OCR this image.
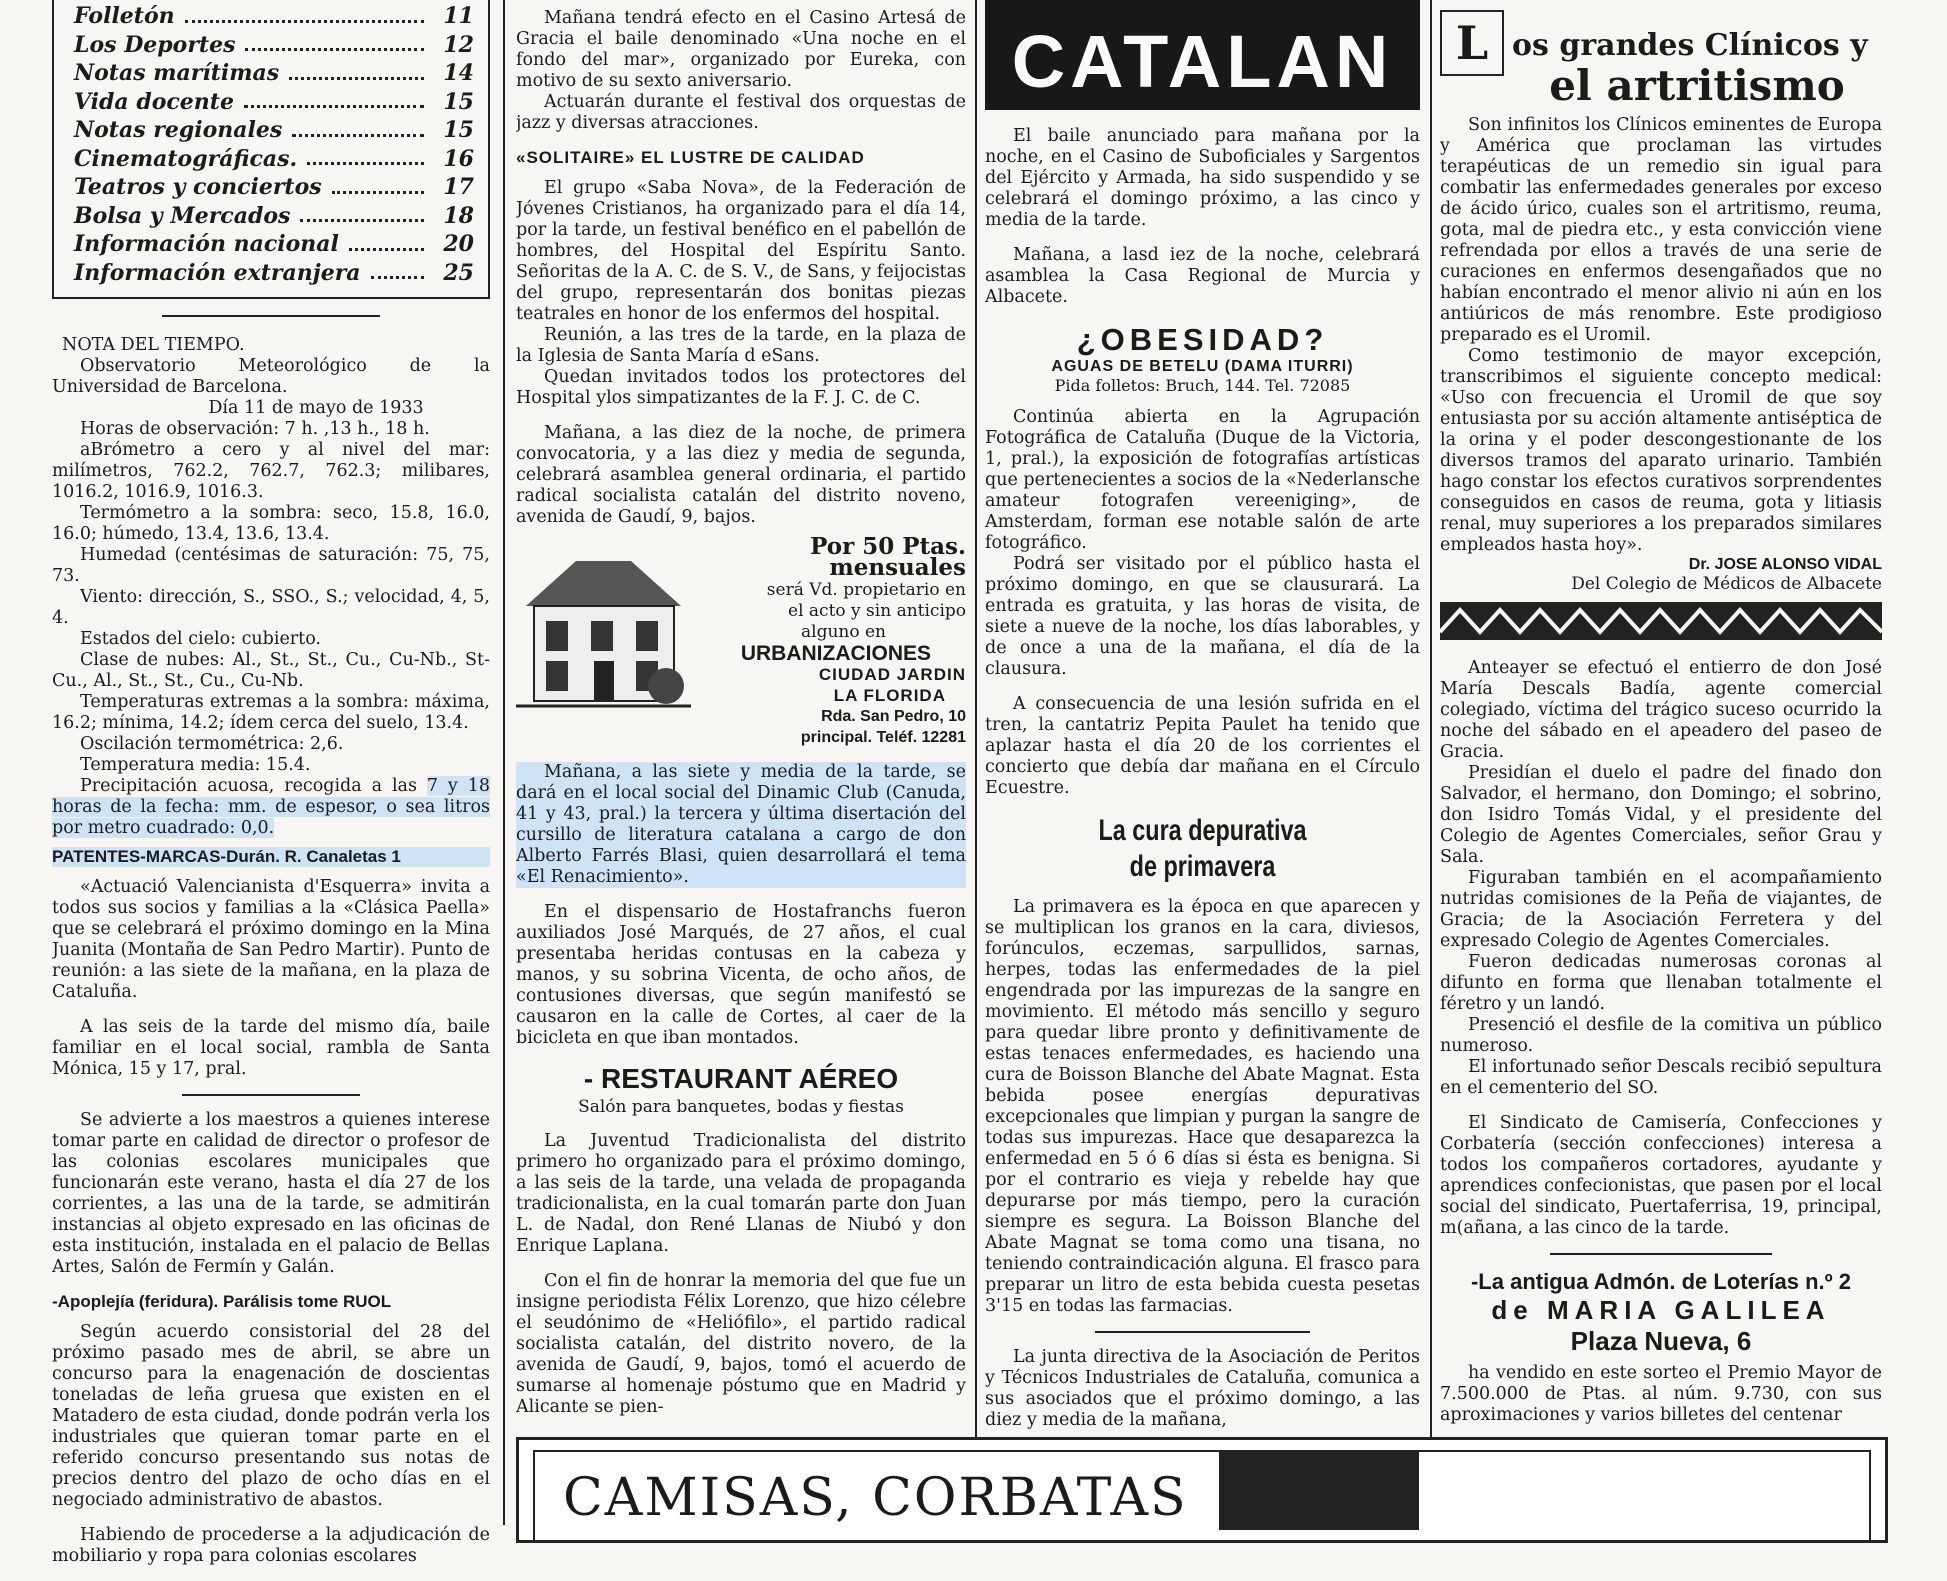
Folletón	11
Los Deportes	12
Notas marítimas	14
Vida docente	15
Notas regionales	15
Cinematográficas.	16
Teatros y conciertos	17
Bolsa y Mercados	18
Información nacional	20
Información extranjera	25

NOTA DEL TIEMPO.

Observatorio Meteorológico de la Universidad de Barcelona.

Día 11 de mayo de 1933

Horas de observación: 7 h. ,13 h., 18 h.

aBrómetro a cero y al nivel del mar: milímetros, 762.2, 762.7, 762.3; milibares, 1016.2, 1016.9, 1016.3.

Termómetro a la sombra: seco, 15.8, 16.0, 16.0; húmedo, 13.4, 13.6, 13.4.

Humedad (centésimas de saturación: 75, 75, 73.

Viento: dirección, S., SSO., S.; velocidad, 4, 5, 4.

Estados del cielo: cubierto.

Clase de nubes: Al., St., St., Cu., Cu-Nb., St-Cu., Al., St., St., Cu., Cu-Nb.

Temperaturas extremas a la sombra: máxima, 16.2; mínima, 14.2; ídem cerca del suelo, 13.4.

Oscilación termométrica: 2,6.

Temperatura media: 15.4.

Precipitación acuosa, recogida a las 7 y 18 horas de la fecha: mm. de espesor, o sea litros por metro cuadrado: 0,0.

PATENTES-MARCAS-Durán. R. Canaletas 1

«Actuació Valencianista d'Esquerra» invita a todos sus socios y familias a la «Clásica Paella» que se celebrará el próximo domingo en la Mina Juanita (Montaña de San Pedro Martir). Punto de reunión: a las siete de la mañana, en la plaza de Cataluña.

A las seis de la tarde del mismo día, baile familiar en el local social, rambla de Santa Mónica, 15 y 17, pral.

Se advierte a los maestros a quienes interese tomar parte en calidad de director o profesor de las colonias escolares municipales que funcionarán este verano, hasta el día 27 de los corrientes, a las una de la tarde, se admitirán instancias al objeto expresado en las oficinas de esta institución, instalada en el palacio de Bellas Artes, Salón de Fermín y Galán.

-Apoplejía (feridura). Parálisis tome RUOL

Según acuerdo consistorial del 28 del próximo pasado mes de abril, se abre un concurso para la enagenación de doscientas toneladas de leña gruesa que existen en el Matadero de esta ciudad, donde podrán verla los industriales que quieran tomar parte en el referido concurso presentando sus notas de precios dentro del plazo de ocho días en el negociado administrativo de abastos.

Habiendo de procederse a la adjudicación de mobiliario y ropa para colonias escolares

Mañana tendrá efecto en el Casino Artesá de Gracia el baile denominado «Una noche en el fondo del mar», organizado por Eureka, con motivo de su sexto aniversario.

Actuarán durante el festival dos orquestas de jazz y diversas atracciones.

«SOLITAIRE» EL LUSTRE DE CALIDAD

El grupo «Saba Nova», de la Federación de Jóvenes Cristianos, ha organizado para el día 14, por la tarde, un festival benéfico en el pabellón de hombres, del Hospital del Espíritu Santo. Señoritas de la A. C. de S. V., de Sans, y feijocistas del grupo, representarán dos bonitas piezas teatrales en honor de los enfermos del hospital.

Reunión, a las tres de la tarde, en la plaza de la Iglesia de Santa María d eSans.

Quedan invitados todos los protectores del Hospital ylos simpatizantes de la F. J. C. de C.

Mañana, a las diez de la noche, de primera convocatoria, y a las diez y media de segunda, celebrará asamblea general ordinaria, el partido radical socialista catalán del distrito noveno, avenida de Gaudí, 9, bajos.

Por 50 Ptas. mensuales
será Vd. propietario en
el acto y sin anticipo
alguno en
URBANIZACIONES
CIUDAD JARDIN
LA FLORIDA
Rda. San Pedro, 10
principal. Teléf. 12281

Mañana, a las siete y media de la tarde, se dará en el local social del Dinamic Club (Canuda, 41 y 43, pral.) la tercera y última disertación del cursillo de literatura catalana a cargo de don Alberto Farrés Blasi, quien desarrollará el tema «El Renacimiento».

En el dispensario de Hostafranchs fueron auxiliados José Marqués, de 27 años, el cual presentaba heridas contusas en la cabeza y manos, y su sobrina Vicenta, de ocho años, de contusiones diversas, que según manifestó se causaron en la calle de Cortes, al caer de la bicicleta en que iban montados.

- RESTAURANT AÉREO
Salón para banquetes, bodas y fiestas

La Juventud Tradicionalista del distrito primero ho organizado para el próximo domingo, a las seis de la tarde, una velada de propaganda tradicionalista, en la cual tomarán parte don Juan L. de Nadal, don René Llanas de Niubó y don Enrique Laplana.

Con el fin de honrar la memoria del que fue un insigne periodista Félix Lorenzo, que hizo célebre el seudónimo de «Heliófilo», el partido radical socialista catalán, del distrito novero, de la avenida de Gaudí, 9, bajos, tomó el acuerdo de sumarse al homenaje póstumo que en Madrid y Alicante se pien-

CATALAN

El baile anunciado para mañana por la noche, en el Casino de Suboficiales y Sargentos del Ejército y Armada, ha sido suspendido y se celebrará el domingo próximo, a las cinco y media de la tarde.

Mañana, a lasd iez de la noche, celebrará asamblea la Casa Regional de Murcia y Albacete.

¿OBESIDAD?
AGUAS DE BETELU (DAMA ITURRI)
Pida folletos: Bruch, 144. Tel. 72085

Continúa abierta en la Agrupación Fotográfica de Cataluña (Duque de la Victoria, 1, pral.), la exposición de fotografías artísticas que pertenecientes a socios de la «Nederlansche amateur fotografen vereeniging», de Amsterdam, forman ese notable salón de arte fotográfico.

Podrá ser visitado por el público hasta el próximo domingo, en que se clausurará. La entrada es gratuita, y las horas de visita, de siete a nueve de la noche, los días laborables, y de once a una de la mañana, el día de la clausura.

A consecuencia de una lesión sufrida en el tren, la cantatriz Pepita Paulet ha tenido que aplazar hasta el día 20 de los corrientes el concierto que debía dar mañana en el Círculo Ecuestre.

La cura depurativa
de primavera

La primavera es la época en que aparecen y se multiplican los granos en la cara, diviesos, forúnculos, eczemas, sarpullidos, sarnas, herpes, todas las enfermedades de la piel engendrada por las impurezas de la sangre en movimiento. El método más sencillo y seguro para quedar libre pronto y definitivamente de estas tenaces enfermedades, es haciendo una cura de Boisson Blanche del Abate Magnat. Esta bebida posee energías depurativas excepcionales que limpian y purgan la sangre de todas sus impurezas. Hace que desaparezca la enfermedad en 5 ó 6 días si ésta es benigna. Si por el contrario es vieja y rebelde hay que depurarse por más tiempo, pero la curación siempre es segura. La Boisson Blanche del Abate Magnat se toma como una tisana, no teniendo contraindicación alguna. El frasco para preparar un litro de esta bebida cuesta pesetas 3'15 en todas las farmacias.

La junta directiva de la Asociación de Peritos y Técnicos Industriales de Cataluña, comunica a sus asociados que el próximo domingo, a las diez y media de la mañana,

L os grandes Clínicos y
el artritismo

Son infinitos los Clínicos eminentes de Europa y América que proclaman las virtudes terapéuticas de un remedio sin igual para combatir las enfermedades generales por exceso de ácido úrico, cuales son el artritismo, reuma, gota, mal de piedra etc., y esta convicción viene refrendada por ellos a través de una serie de curaciones en enfermos desengañados que no habían encontrado el menor alivio ni aún en los antiúricos de más renombre. Este prodigioso preparado es el Uromil.

Como testimonio de mayor excepción, transcribimos el siguiente concepto medical: «Uso con frecuencia el Uromil de que soy entusiasta por su acción altamente antiséptica de la orina y el poder descongestionante de los diversos tramos del aparato urinario. También hago constar los efectos curativos sorprendentes conseguidos en casos de reuma, gota y litiasis renal, muy superiores a los preparados similares empleados hasta hoy».

Dr. JOSE ALONSO VIDAL
Del Colegio de Médicos de Albacete

Anteayer se efectuó el entierro de don José María Descals Badía, agente comercial colegiado, víctima del trágico suceso ocurrido la noche del sábado en el apeadero del paseo de Gracia.

Presidían el duelo el padre del finado don Salvador, el hermano, don Domingo; el sobrino, don Isidro Tomás Vidal, y el presidente del Colegio de Agentes Comerciales, señor Grau y Sala.

Figuraban también en el acompañamiento nutridas comisiones de la Peña de viajantes, de Gracia; de la Asociación Ferretera y del expresado Colegio de Agentes Comerciales.

Fueron dedicadas numerosas coronas al difunto en forma que llenaban totalmente el féretro y un landó.

Presenció el desfile de la comitiva un público numeroso.

El infortunado señor Descals recibió sepultura en el cementerio del SO.

El Sindicato de Camisería, Confecciones y Corbatería (sección confecciones) interesa a todos los compañeros cortadores, ayudante y aprendices confecionistas, que pasen por el local social del sindicato, Puertaferrisa, 19, principal, m(añana, a las cinco de la tarde.

-La antigua Admón. de Loterías n.º 2
de MARIA GALILEA
Plaza Nueva, 6

ha vendido en este sorteo el Premio Mayor de 7.500.000 de Ptas. al núm. 9.730, con sus aproximaciones y varios billetes del centenar

CAMISAS, CORBATAS
